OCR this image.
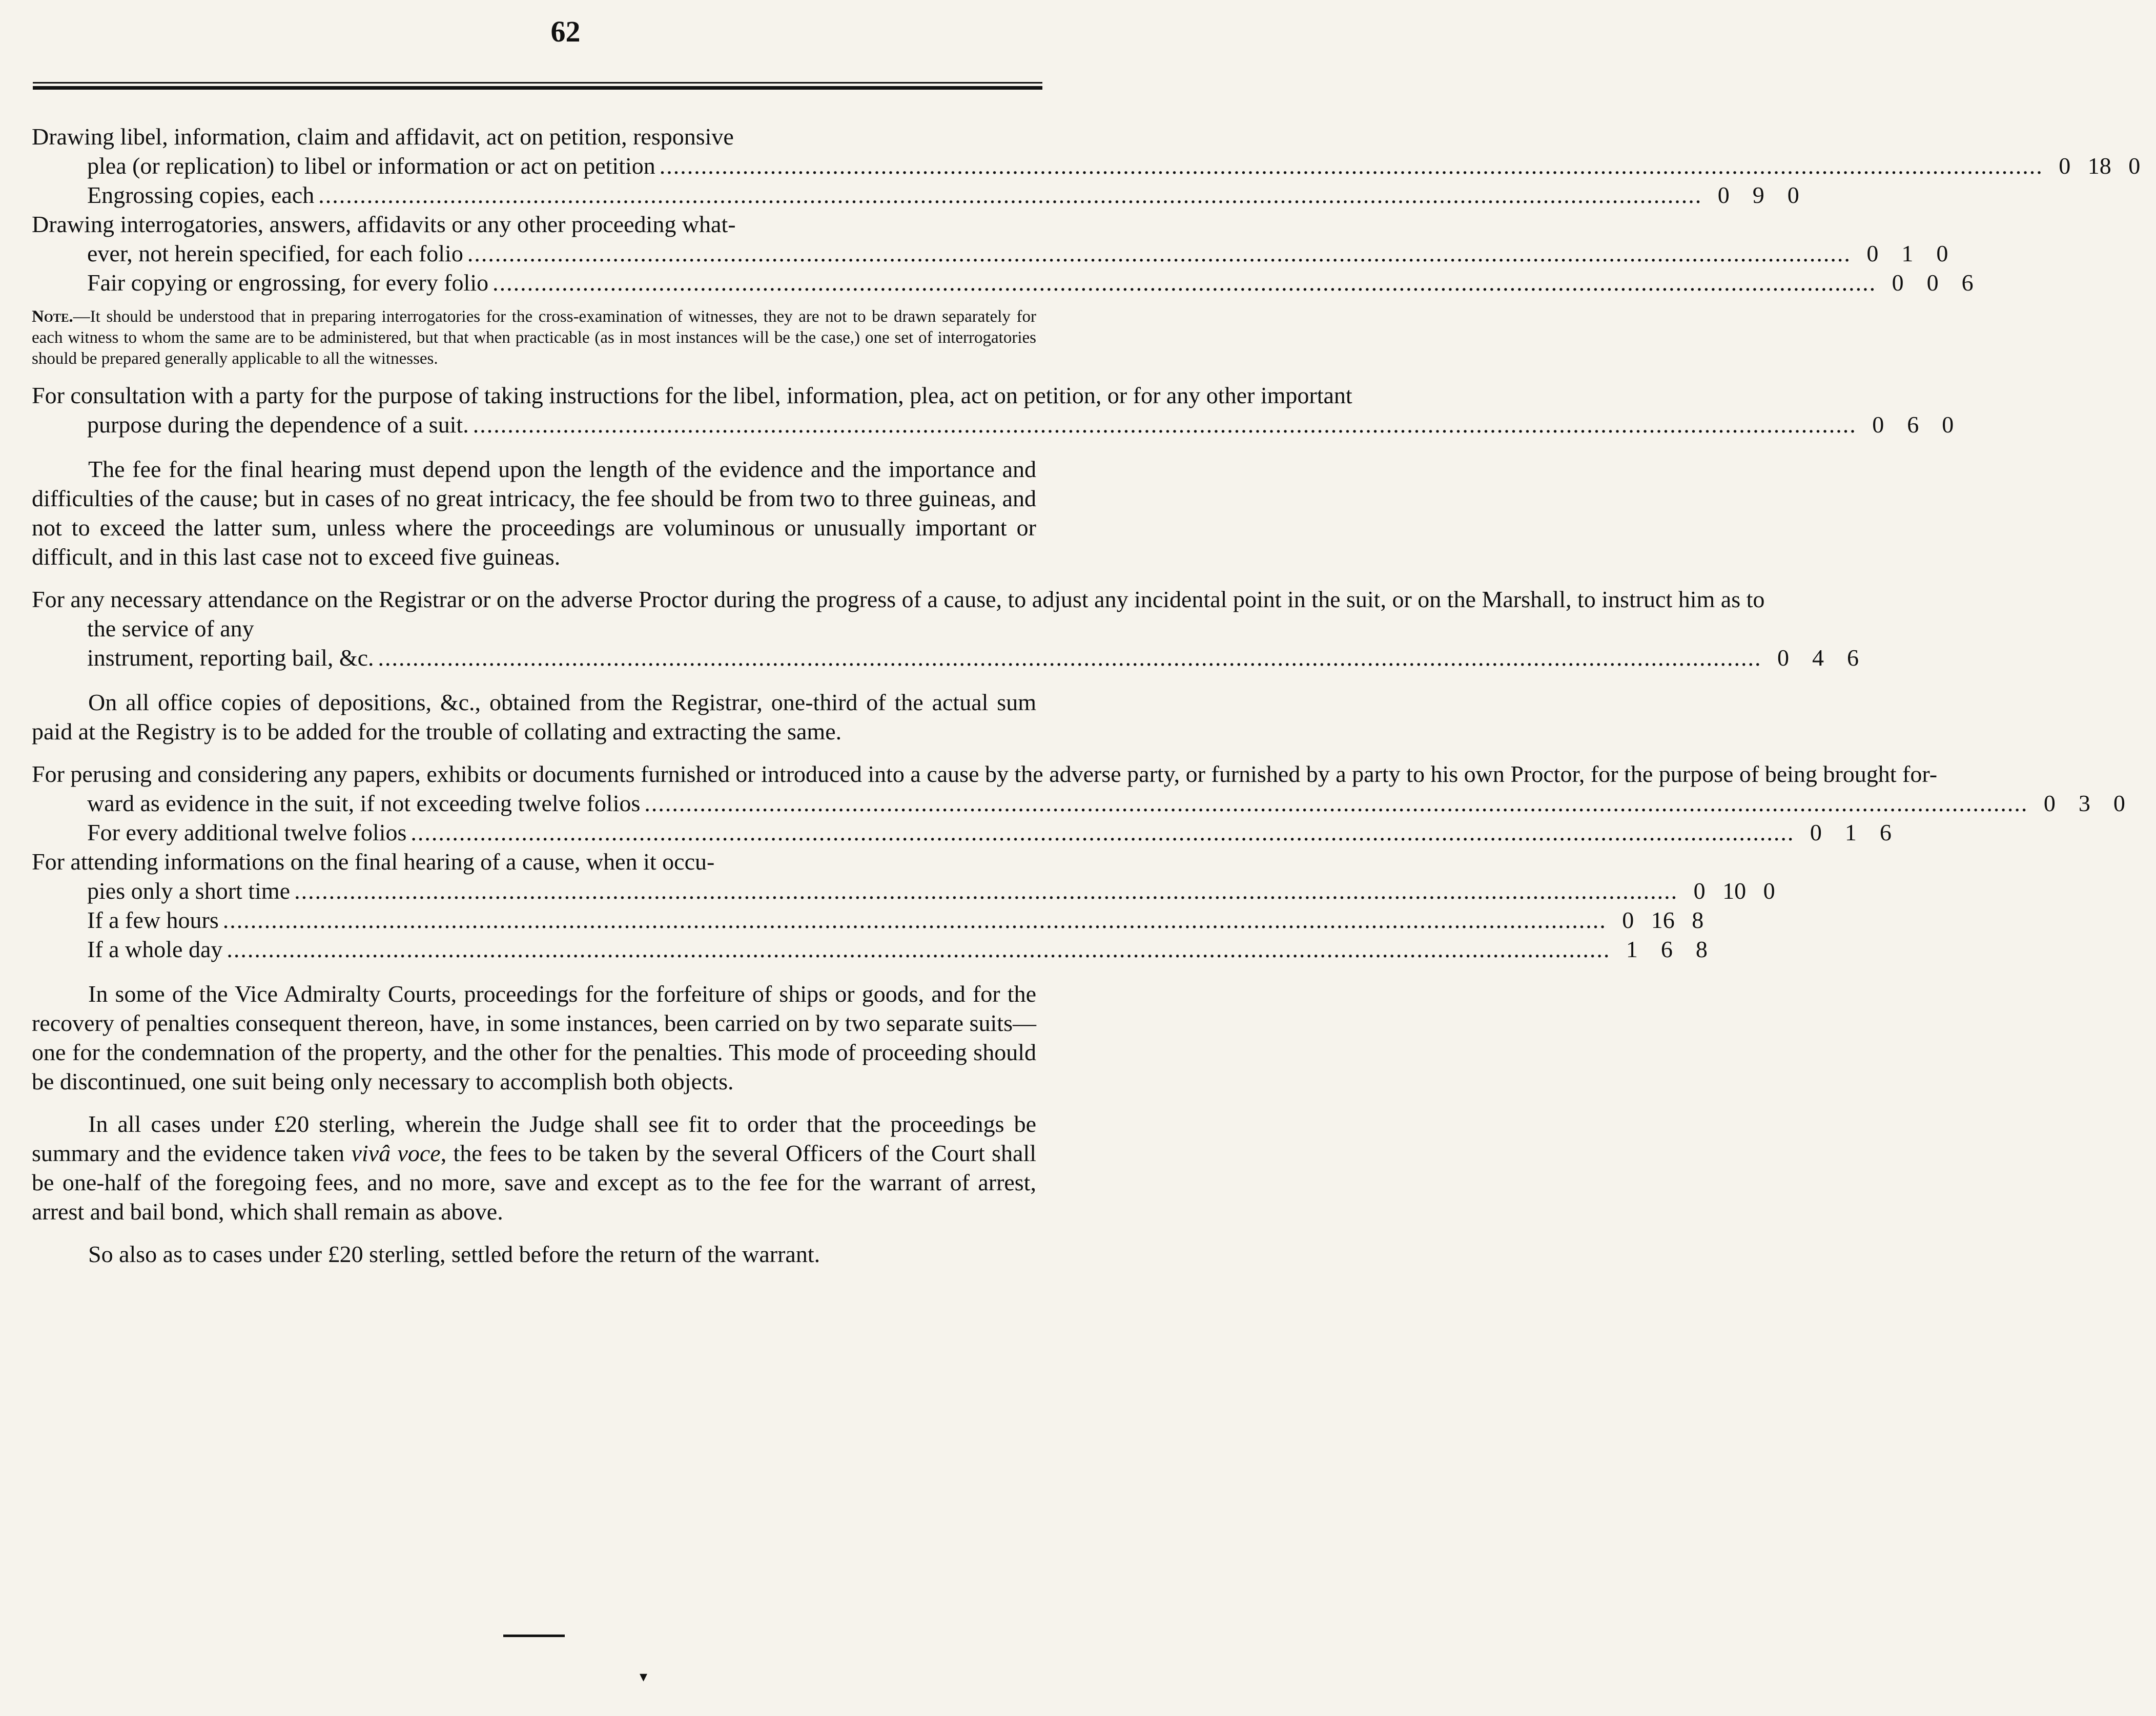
62
Drawing libel, information, claim and affidavit, act on petition, responsive
plea (or replication) to libel or information or act on petition ........................................................................................................................................................................................................ 0 18 0
Engrossing copies, each ........................................................................................................................................................................................................ 0 9 0
Drawing interrogatories, answers, affidavits or any other proceeding what-
ever, not herein specified, for each folio ........................................................................................................................................................................................................ 0 1 0
Fair copying or engrossing, for every folio ........................................................................................................................................................................................................ 0 0 6
Note.—It should be understood that in preparing interrogatories for the cross-examination of witnesses, they are not to be drawn separately for each witness to whom the same are to be administered, but that when practicable (as in most instances will be the case,) one set of interrogatories should be prepared generally applicable to all the witnesses.
For consultation with a party for the purpose of taking instructions for the libel, information, plea, act on petition, or for any other important
purpose during the dependence of a suit. ........................................................................................................................................................................................................ 0 6 0

The fee for the final hearing must depend upon the length of the evidence and the importance and difficulties of the cause; but in cases of no great intricacy, the fee should be from two to three guineas, and not to exceed the latter sum, unless where the proceedings are voluminous or unusually important or difficult, and in this last case not to exceed five guineas.

For any necessary attendance on the Registrar or on the adverse Proctor during the progress of a cause, to adjust any incidental point in the suit, or on the Marshall, to instruct him as to the service of any
instrument, reporting bail, &c. ........................................................................................................................................................................................................ 0 4 6

On all office copies of depositions, &c., obtained from the Registrar, one-third of the actual sum paid at the Registry is to be added for the trouble of collating and extracting the same.

For perusing and considering any papers, exhibits or documents furnished or introduced into a cause by the adverse party, or furnished by a party to his own Proctor, for the purpose of being brought for-
ward as evidence in the suit, if not exceeding twelve folios ........................................................................................................................................................................................................ 0 3 0
For every additional twelve folios ........................................................................................................................................................................................................ 0 1 6
For attending informations on the final hearing of a cause, when it occu-
pies only a short time ........................................................................................................................................................................................................ 0 10 0
If a few hours ........................................................................................................................................................................................................ 0 16 8
If a whole day ........................................................................................................................................................................................................ 1 6 8

In some of the Vice Admiralty Courts, proceedings for the forfeiture of ships or goods, and for the recovery of penalties consequent thereon, have, in some instances, been carried on by two separate suits—one for the condemnation of the property, and the other for the penalties. This mode of proceeding should be discontinued, one suit being only necessary to accomplish both objects.

In all cases under £20 sterling, wherein the Judge shall see fit to order that the proceedings be summary and the evidence taken vivâ voce, the fees to be taken by the several Officers of the Court shall be one-half of the foregoing fees, and no more, save and except as to the fee for the warrant of arrest, arrest and bail bond, which shall remain as above.

So also as to cases under £20 sterling, settled before the return of the warrant.

▾
